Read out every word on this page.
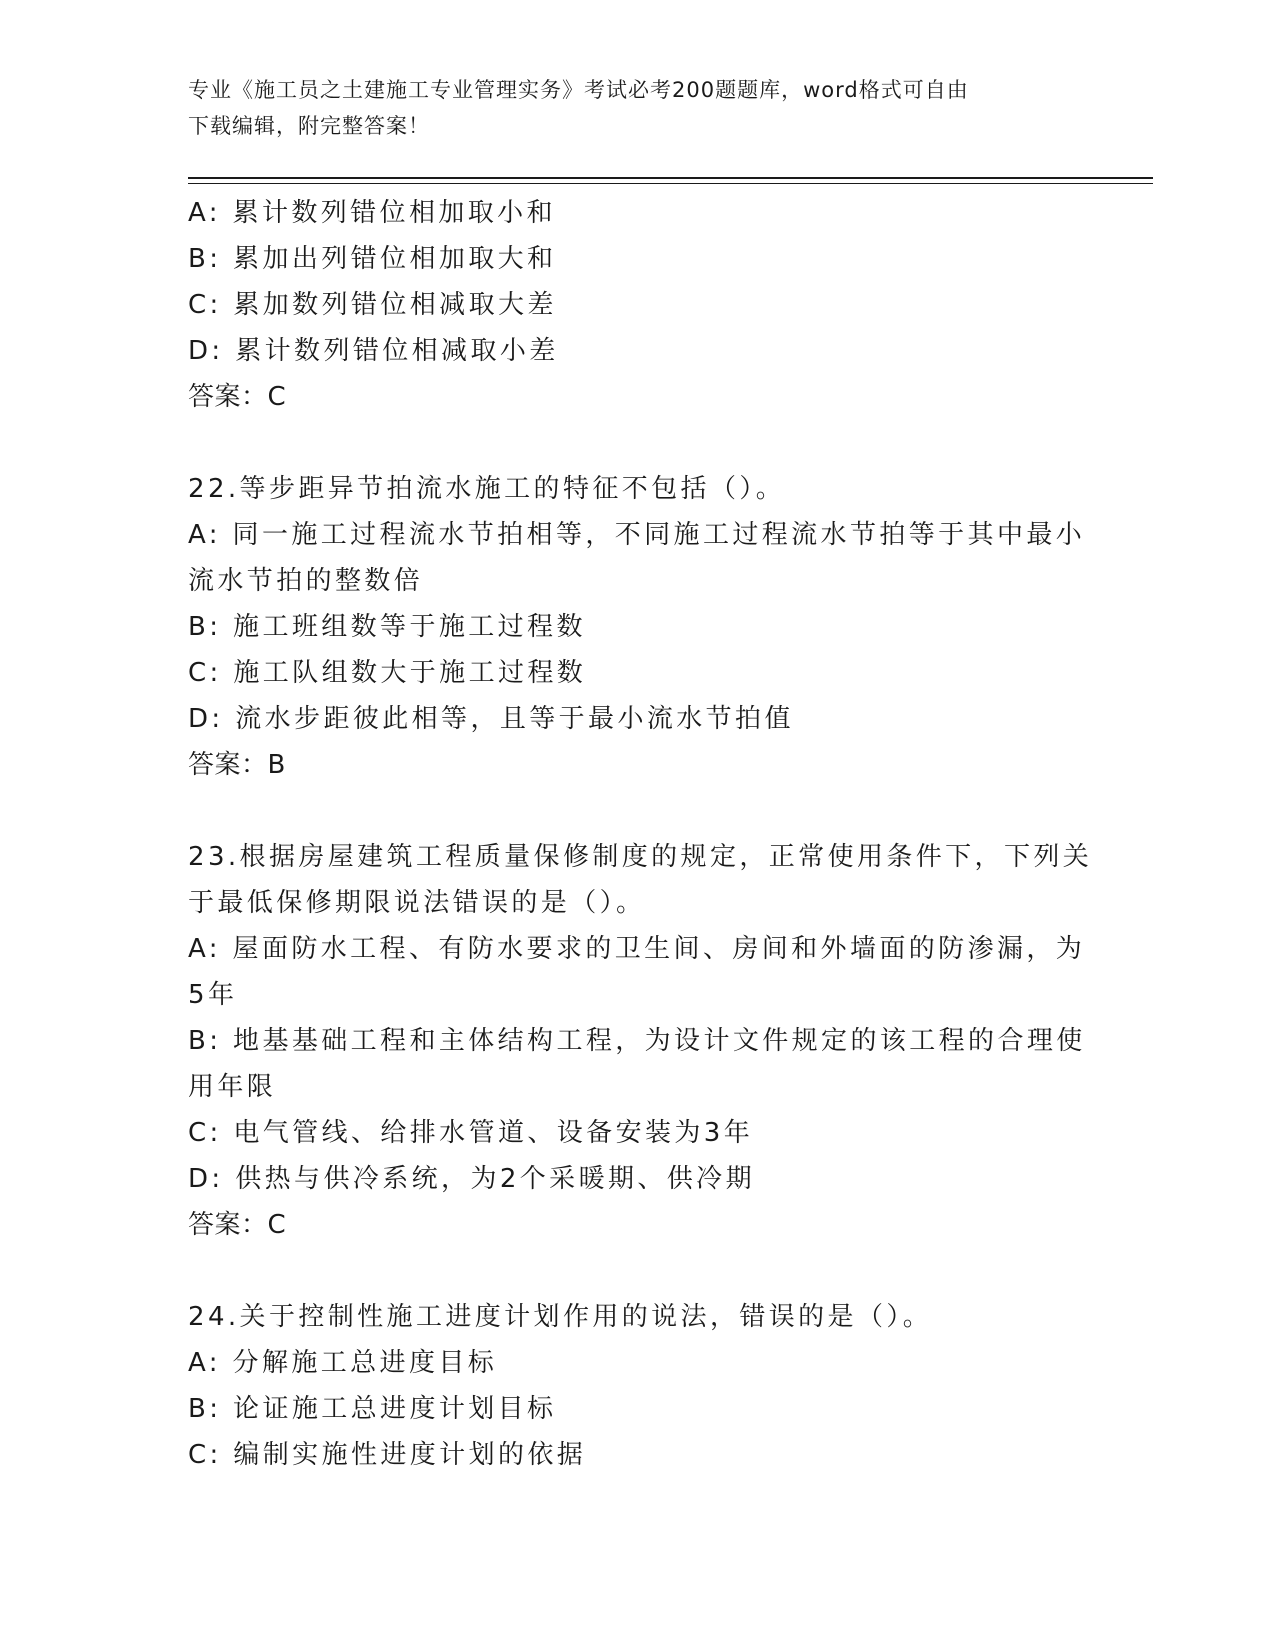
专业《施工员之土建施工专业管理实务》考试必考200题题库，word格式可自由
下载编辑，附完整答案！
A: 累计数列错位相加取小和
B: 累加出列错位相加取大和
C: 累加数列错位相减取大差
D: 累计数列错位相减取小差
答案：C
22.等步距异节拍流水施工的特征不包括（）。
A: 同一施工过程流水节拍相等，不同施工过程流水节拍等于其中最小
流水节拍的整数倍
B: 施工班组数等于施工过程数
C: 施工队组数大于施工过程数
D: 流水步距彼此相等，且等于最小流水节拍值
答案：B
23.根据房屋建筑工程质量保修制度的规定，正常使用条件下，下列关
于最低保修期限说法错误的是（）。
A: 屋面防水工程、有防水要求的卫生间、房间和外墙面的防渗漏，为
5年
B: 地基基础工程和主体结构工程，为设计文件规定的该工程的合理使
用年限
C: 电气管线、给排水管道、设备安装为3年
D: 供热与供冷系统，为2个采暖期、供冷期
答案：C
24.关于控制性施工进度计划作用的说法，错误的是（）。
A: 分解施工总进度目标
B: 论证施工总进度计划目标
C: 编制实施性进度计划的依据
